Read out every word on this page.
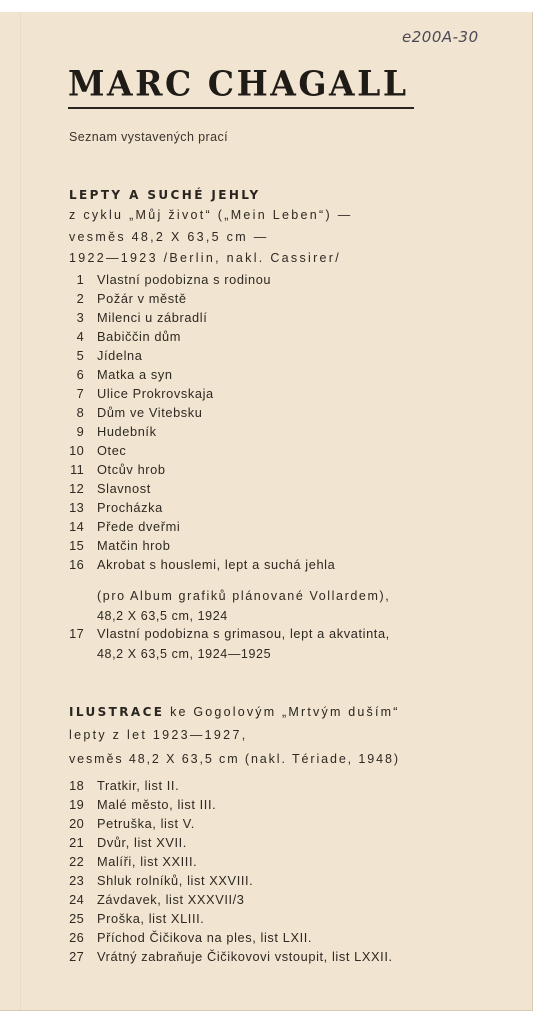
e200A-30
MARC CHAGALL
Seznam vystavených prací
LEPTY A SUCHÉ JEHLY
z cyklu „Můj život“ („Mein Leben“) —
vesměs 48,2 X 63,5 cm —
1922—1923 /Berlin, nakl. Cassirer/
1 Vlastní podobizna s rodinou
2 Požár v městě
3 Milenci u zábradlí
4 Babiččin dům
5 Jídelna
6 Matka a syn
7 Ulice Prokrovskaja
8 Dům ve Vitebsku
9 Hudebník
10 Otec
11 Otcův hrob
12 Slavnost
13 Procházka
14 Přede dveřmi
15 Matčin hrob
16 Akrobat s houslemi, lept a suchá jehla
(pro Album grafiků plánované Vollardem),
48,2 X 63,5 cm, 1924
17 Vlastní podobizna s grimasou, lept a akvatinta,
48,2 X 63,5 cm, 1924—1925
ILUSTRACE ke Gogolovým „Mrtvým duším“
lepty z let 1923—1927,
vesměs 48,2 X 63,5 cm (nakl. Tériade, 1948)
18 Tratkir, list II.
19 Malé město, list III.
20 Petruška, list V.
21 Dvůr, list XVII.
22 Malíři, list XXIII.
23 Shluk rolníků, list XXVIII.
24 Závdavek, list XXXVII/3
25 Proška, list XLIII.
26 Příchod Čičikova na ples, list LXII.
27 Vrátný zabraňuje Čičikovovi vstoupit, list LXXII.
